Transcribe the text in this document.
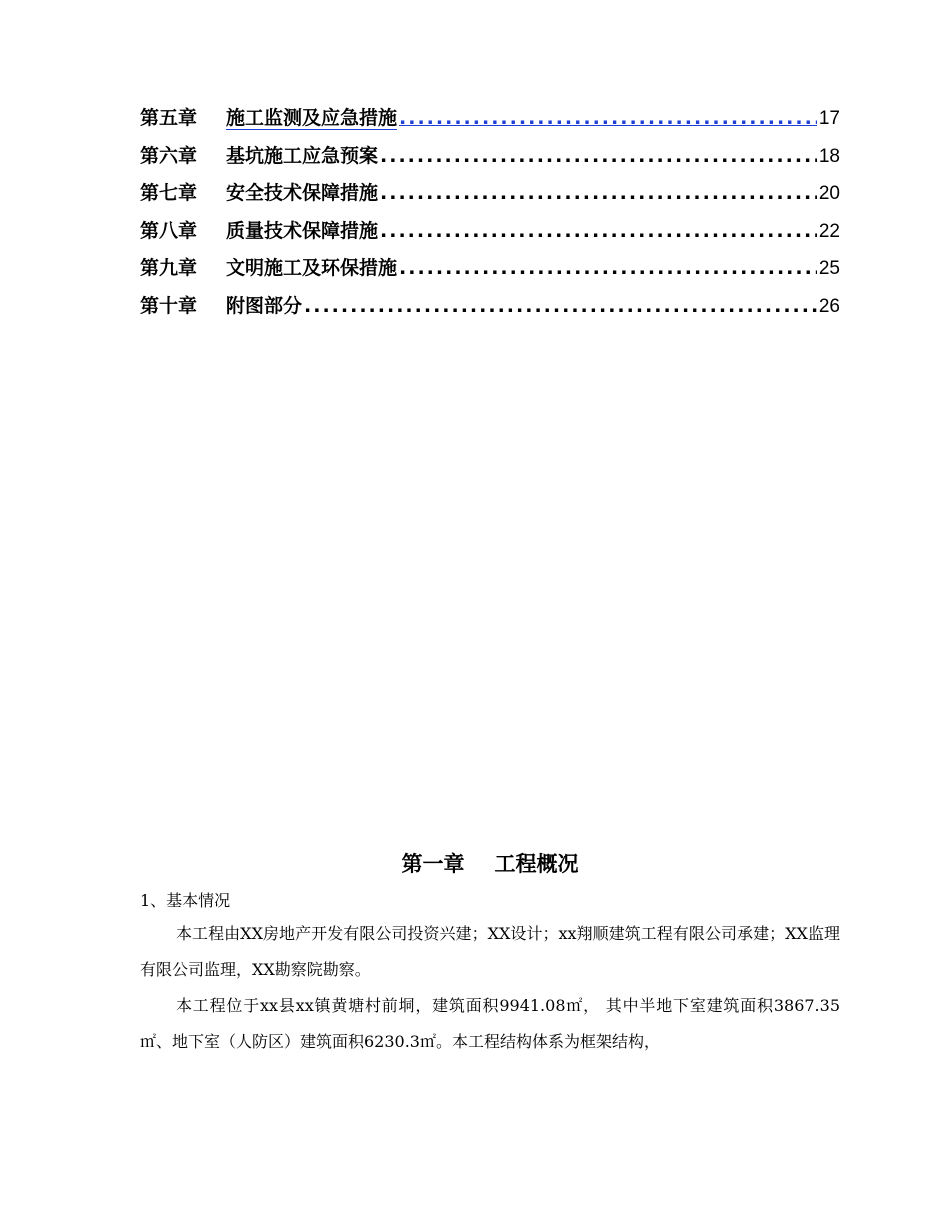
第五章	施工监测及应急措施 .....	17
第六章	基坑施工应急预案 .....	18
第七章	安全技术保障措施 .....	20
第八章	质量技术保障措施 .....	22
第九章	文明施工及环保措施 .....	25
第十章	附图部分 .....	26
第一章 工程概况
1、基本情况

本工程由XX房地产开发有限公司投资兴建；XX设计；xx翔顺建筑工程有限公司承建；XX监理有限公司监理，XX勘察院勘察。

本工程位于xx县xx镇黄塘村前垌，建筑面积9941.08㎡， 其中半地下室建筑面积3867.35㎡、地下室（人防区）建筑面积6230.3㎡。本工程结构体系为框架结构，
